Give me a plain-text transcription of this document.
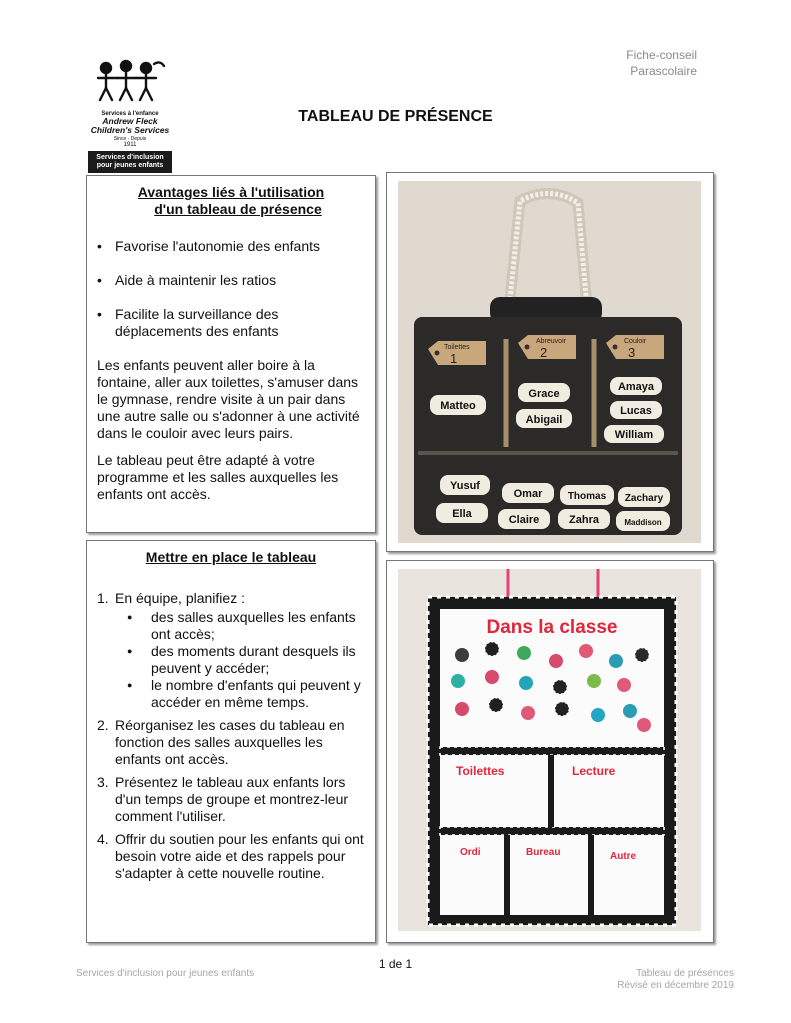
Fiche-conseil
Parascolaire
Services à l'enfance
Andrew Fleck
Children's Services
Since · Depuis
1911
Services d'inclusion
pour jeunes enfants
TABLEAU DE PRÉSENCE
Avantages liés à l'utilisation
d'un tableau de présence
• Favorise l'autonomie des enfants
• Aide à maintenir les ratios
• Facilite la surveillance des déplacements des enfants

Les enfants peuvent aller boire à la fontaine, aller aux toilettes, s'amuser dans le gymnase, rendre visite à un pair dans une autre salle ou s'adonner à une activité dans le couloir avec leurs pairs.

Le tableau peut être adapté à votre programme et les salles auxquelles les enfants ont accès.

Mettre en place le tableau
1. En équipe, planifiez :
● des salles auxquelles les enfants ont accès;
● des moments durant desquels ils peuvent y accéder;
● le nombre d'enfants qui peuvent y accéder en même temps.
2. Réorganisez les cases du tableau en fonction des salles auxquelles les enfants ont accès.
3. Présentez le tableau aux enfants lors d'un temps de groupe et montrez-leur comment l'utiliser.
4. Offrir du soutien pour les enfants qui ont besoin votre aide et des rappels pour s'adapter à cette nouvelle routine.
Toilettes
Abreuvoir	Couloir
1	2	3
Matteo
Grace
Abigail
Amaya
Lucas
William
Yusuf
Omar	Thomas Zachary
Ella	Claire	Zahra	Maddison
Dans la classe
Toilettes	Lecture
Ordi	Bureau	Autre
1 de 1
Services d'inclusion pour jeunes enfants	Tableau de présences
Révisé en décembre 2019
